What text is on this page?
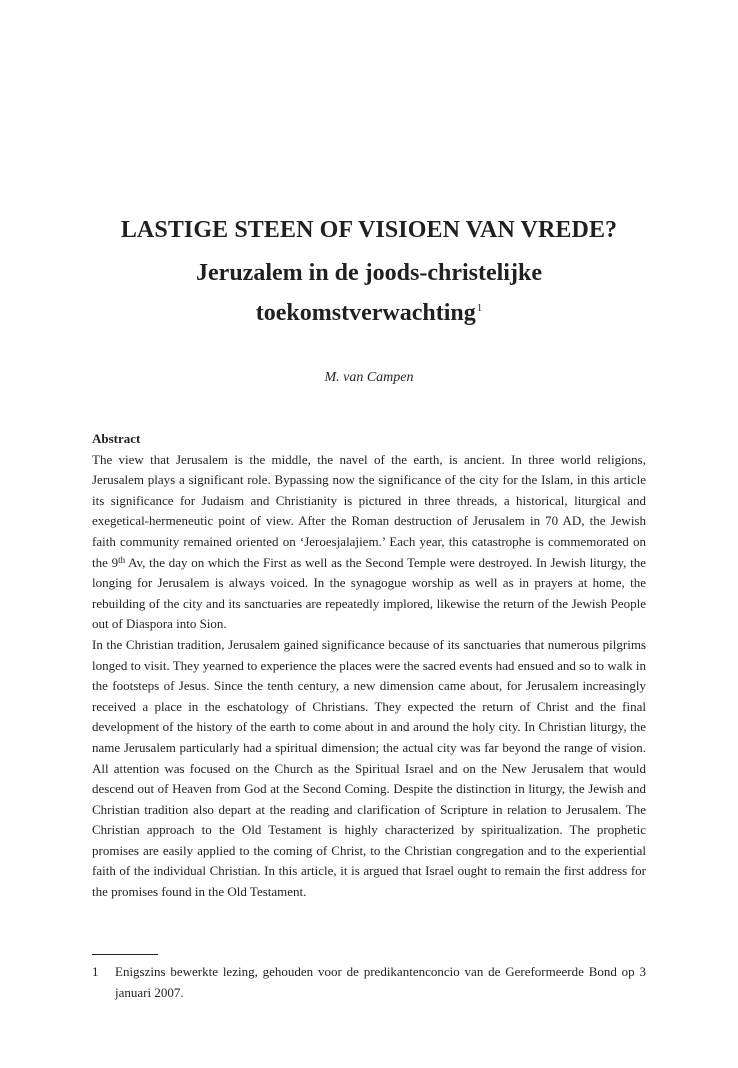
LASTIGE STEEN OF VISIOEN VAN VREDE?
Jeruzalem in de joods-christelijke
toekomstverwachting$^1$
M. van Campen
Abstract

The view that Jerusalem is the middle, the navel of the earth, is ancient. In three world religions, Jerusalem plays a significant role. Bypassing now the significance of the city for the Islam, in this article its significance for Judaism and Christianity is pictured in three threads, a historical, liturgical and exegetical-hermeneutic point of view. After the Roman destruction of Jerusalem in 70 AD, the Jewish faith community remained oriented on ‘Jeroesjalajiem.’ Each year, this catastrophe is commemorated on the 9th Av, the day on which the First as well as the Second Temple were destroyed. In Jewish liturgy, the longing for Jerusalem is always voiced. In the synagogue worship as well as in prayers at home, the rebuilding of the city and its sanctuaries are repeatedly implored, likewise the return of the Jewish People out of Diaspora into Sion.

In the Christian tradition, Jerusalem gained significance because of its sanctuaries that numerous pilgrims longed to visit. They yearned to experience the places were the sacred events had ensued and so to walk in the footsteps of Jesus. Since the tenth century, a new dimension came about, for Jerusalem increasingly received a place in the eschatology of Christians. They expected the return of Christ and the final development of the history of the earth to come about in and around the holy city. In Christian liturgy, the name Jerusalem particularly had a spiritual dimension; the actual city was far beyond the range of vision. All attention was focused on the Church as the Spiritual Israel and on the New Jerusalem that would descend out of Heaven from God at the Second Coming. Despite the distinction in liturgy, the Jewish and Christian tradition also depart at the reading and clarification of Scripture in relation to Jerusalem. The Christian approach to the Old Testament is highly characterized by spiritualization. The prophetic promises are easily applied to the coming of Christ, to the Christian congregation and to the experiential faith of the individual Christian. In this article, it is argued that Israel ought to remain the first address for the promises found in the Old Testament.

1 Enigszins bewerkte lezing, gehouden voor de predikantenconcio van de Gereformeerde Bond op 3 januari 2007.
